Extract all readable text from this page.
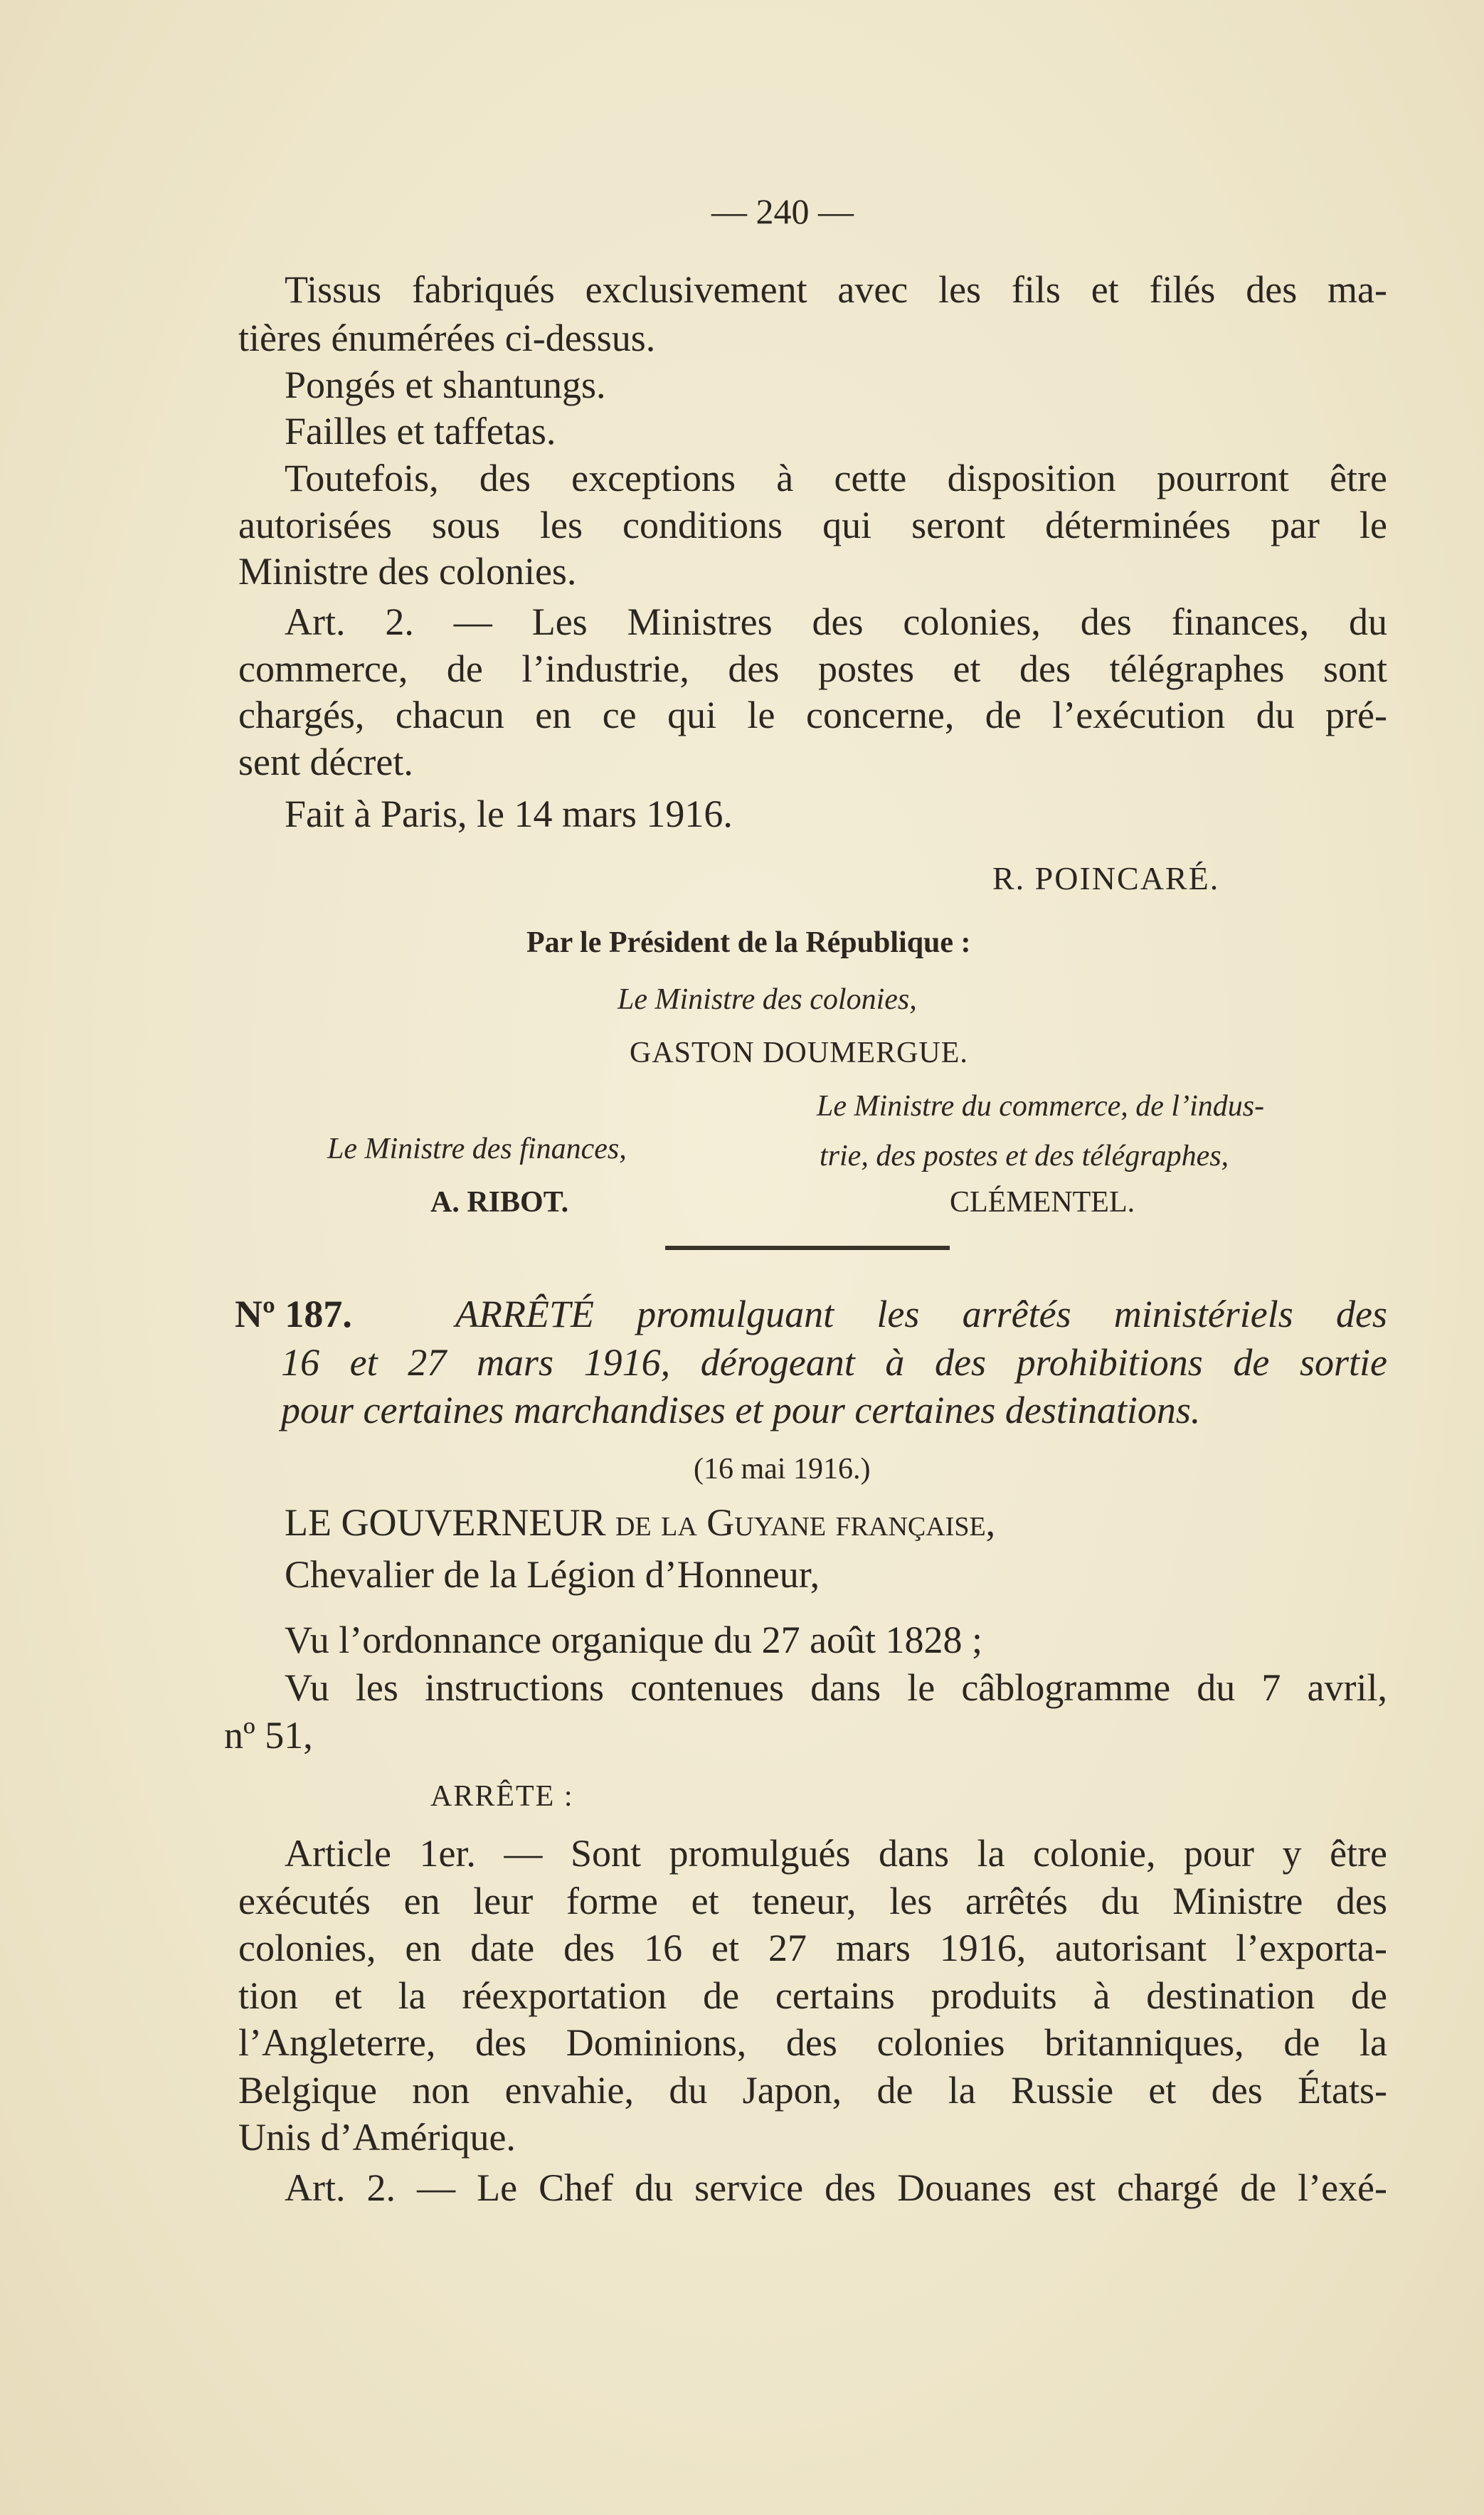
— 240 —
Tissus fabriqués exclusivement avec les fils et filés des ma-
tières énumérées ci-dessus.
Pongés et shantungs.
Failles et taffetas.
Toutefois, des exceptions à cette disposition pourront être
autorisées sous les conditions qui seront déterminées par le
Ministre des colonies.
Art. 2. — Les Ministres des colonies, des finances, du
commerce, de l’industrie, des postes et des télégraphes sont
chargés, chacun en ce qui le concerne, de l’exécution du pré-
sent décret.
Fait à Paris, le 14 mars 1916.
R. POINCARÉ.
Par le Président de la République :
Le Ministre des colonies,
GASTON DOUMERGUE.
Le Ministre du commerce, de l’indus-
Le Ministre des finances,	trie, des postes et des télégraphes,
A. RIBOT.	CLÉMENTEL.
Nº 187.	ARRÊTÉ promulguant les arrêtés ministériels des
16 et 27 mars 1916, dérogeant à des prohibitions de sortie
pour certaines marchandises et pour certaines destinations.
(16 mai 1916.)
LE GOUVERNEUR de la Guyane française,
Chevalier de la Légion d’Honneur,
Vu l’ordonnance organique du 27 août 1828 ;
Vu les instructions contenues dans le câblogramme du 7 avril,
nº 51,
ARRÊTE :
Article 1er. — Sont promulgués dans la colonie, pour y être
exécutés en leur forme et teneur, les arrêtés du Ministre des
colonies, en date des 16 et 27 mars 1916, autorisant l’exporta-
tion et la réexportation de certains produits à destination de
l’Angleterre, des Dominions, des colonies britanniques, de la
Belgique non envahie, du Japon, de la Russie et des États-
Unis d’Amérique.
Art. 2. — Le Chef du service des Douanes est chargé de l’exé-
